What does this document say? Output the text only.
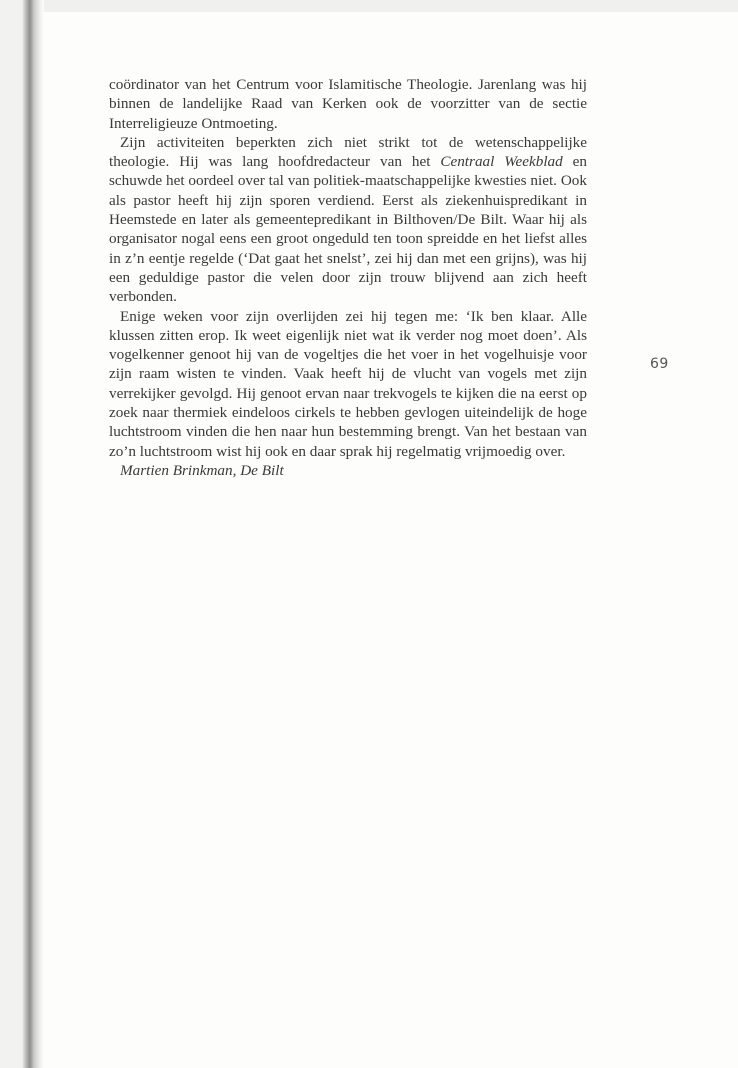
coördinator van het Centrum voor Islamitische Theologie. Jarenlang was hij binnen de landelijke Raad van Kerken ook de voorzitter van de sectie Interreligieuze Ontmoeting.

Zijn activiteiten beperkten zich niet strikt tot de wetenschappelijke theologie. Hij was lang hoofdredacteur van het Centraal Weekblad en schuwde het oordeel over tal van politiek-maatschappelijke kwesties niet. Ook als pastor heeft hij zijn sporen verdiend. Eerst als ziekenhuispredikant in Heemstede en later als gemeentepredikant in Bilthoven/De Bilt. Waar hij als organisator nogal eens een groot ongeduld ten toon spreidde en het liefst alles in z’n eentje regelde (‘Dat gaat het snelst’, zei hij dan met een grijns), was hij een geduldige pastor die velen door zijn trouw blijvend aan zich heeft verbonden.

Enige weken voor zijn overlijden zei hij tegen me: ‘Ik ben klaar. Alle klussen zitten erop. Ik weet eigenlijk niet wat ik verder nog moet doen’. Als vogelkenner genoot hij van de vogeltjes die het voer in het vogelhuisje voor zijn raam wisten te vinden. Vaak heeft hij de vlucht van vogels met zijn verrekijker gevolgd. Hij genoot ervan naar trekvogels te kijken die na eerst op zoek naar thermiek eindeloos cirkels te hebben gevlogen uiteindelijk de hoge luchtstroom vinden die hen naar hun bestemming brengt. Van het bestaan van zo’n luchtstroom wist hij ook en daar sprak hij regelmatig vrijmoedig over.

Martien Brinkman, De Bilt

69
